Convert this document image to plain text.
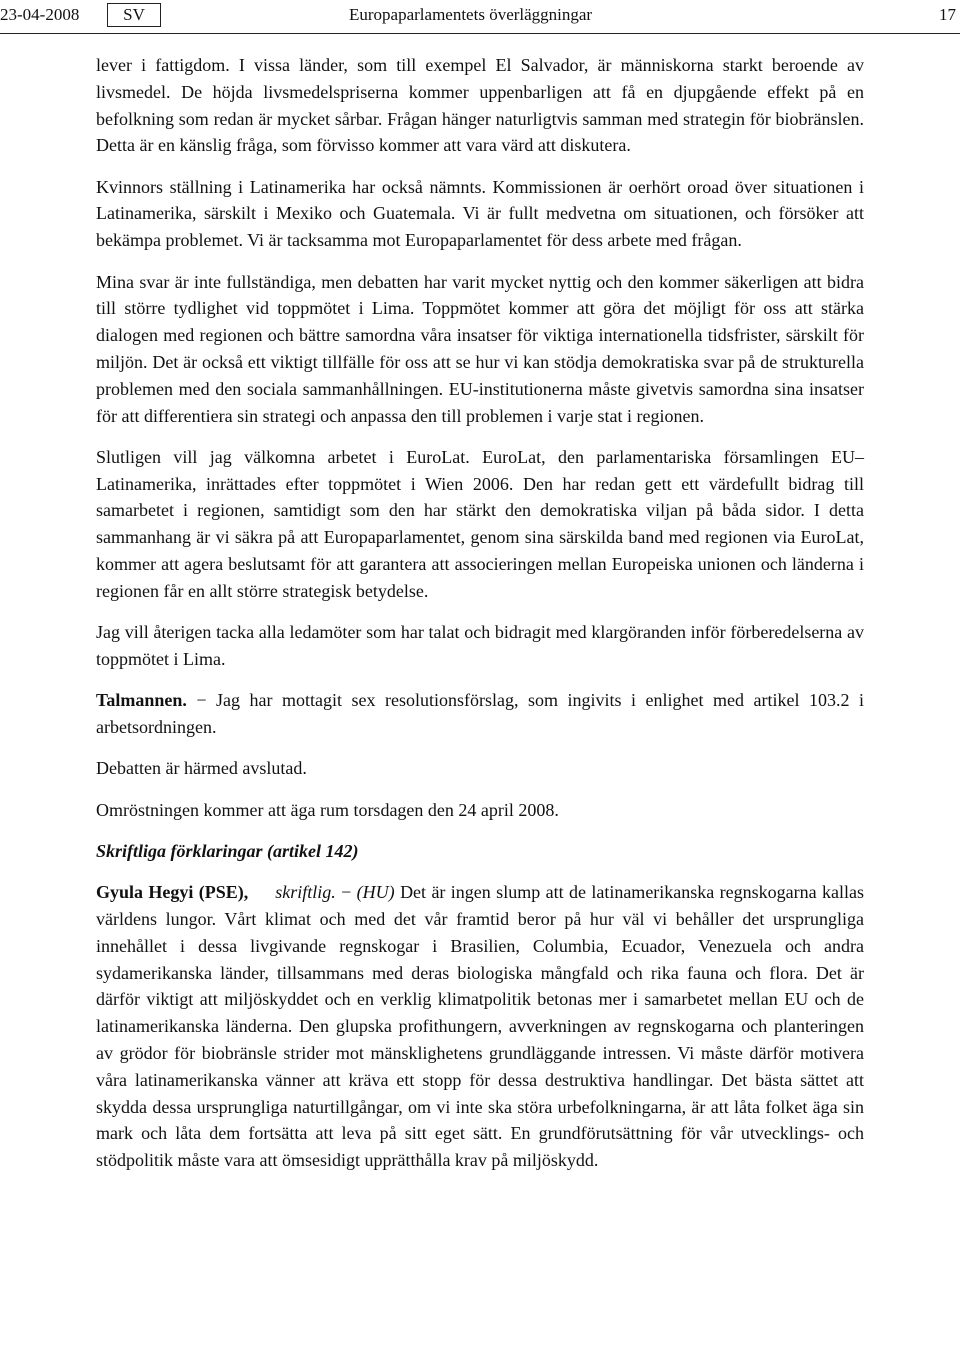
23-04-2008	SV	Europaparlamentets överläggningar	17

lever i fattigdom. I vissa länder, som till exempel El Salvador, är människorna starkt beroende av livsmedel. De höjda livsmedelspriserna kommer uppenbarligen att få en djupgående effekt på en befolkning som redan är mycket sårbar. Frågan hänger naturligtvis samman med strategin för biobränslen. Detta är en känslig fråga, som förvisso kommer att vara värd att diskutera.

Kvinnors ställning i Latinamerika har också nämnts. Kommissionen är oerhört oroad över situationen i Latinamerika, särskilt i Mexiko och Guatemala. Vi är fullt medvetna om situationen, och försöker att bekämpa problemet. Vi är tacksamma mot Europaparlamentet för dess arbete med frågan.

Mina svar är inte fullständiga, men debatten har varit mycket nyttig och den kommer säkerligen att bidra till större tydlighet vid toppmötet i Lima. Toppmötet kommer att göra det möjligt för oss att stärka dialogen med regionen och bättre samordna våra insatser för viktiga internationella tidsfrister, särskilt för miljön. Det är också ett viktigt tillfälle för oss att se hur vi kan stödja demokratiska svar på de strukturella problemen med den sociala sammanhållningen. EU-institutionerna måste givetvis samordna sina insatser för att differentiera sin strategi och anpassa den till problemen i varje stat i regionen.

Slutligen vill jag välkomna arbetet i EuroLat. EuroLat, den parlamentariska församlingen EU–Latinamerika, inrättades efter toppmötet i Wien 2006. Den har redan gett ett värdefullt bidrag till samarbetet i regionen, samtidigt som den har stärkt den demokratiska viljan på båda sidor. I detta sammanhang är vi säkra på att Europaparlamentet, genom sina särskilda band med regionen via EuroLat, kommer att agera beslutsamt för att garantera att associeringen mellan Europeiska unionen och länderna i regionen får en allt större strategisk betydelse.

Jag vill återigen tacka alla ledamöter som har talat och bidragit med klargöranden inför förberedelserna av toppmötet i Lima.

Talmannen. − Jag har mottagit sex resolutionsförslag, som ingivits i enlighet med artikel 103.2 i arbetsordningen.

Debatten är härmed avslutad.

Omröstningen kommer att äga rum torsdagen den 24 april 2008.

Skriftliga förklaringar (artikel 142)

Gyula Hegyi (PSE), skriftlig. − (HU) Det är ingen slump att de latinamerikanska regnskogarna kallas världens lungor. Vårt klimat och med det vår framtid beror på hur väl vi behåller det ursprungliga innehållet i dessa livgivande regnskogar i Brasilien, Columbia, Ecuador, Venezuela och andra sydamerikanska länder, tillsammans med deras biologiska mångfald och rika fauna och flora. Det är därför viktigt att miljöskyddet och en verklig klimatpolitik betonas mer i samarbetet mellan EU och de latinamerikanska länderna. Den glupska profithungern, avverkningen av regnskogarna och planteringen av grödor för biobränsle strider mot mänsklighetens grundläggande intressen. Vi måste därför motivera våra latinamerikanska vänner att kräva ett stopp för dessa destruktiva handlingar. Det bästa sättet att skydda dessa ursprungliga naturtillgångar, om vi inte ska störa urbefolkningarna, är att låta folket äga sin mark och låta dem fortsätta att leva på sitt eget sätt. En grundförutsättning för vår utvecklings- och stödpolitik måste vara att ömsesidigt upprätthålla krav på miljöskydd.
